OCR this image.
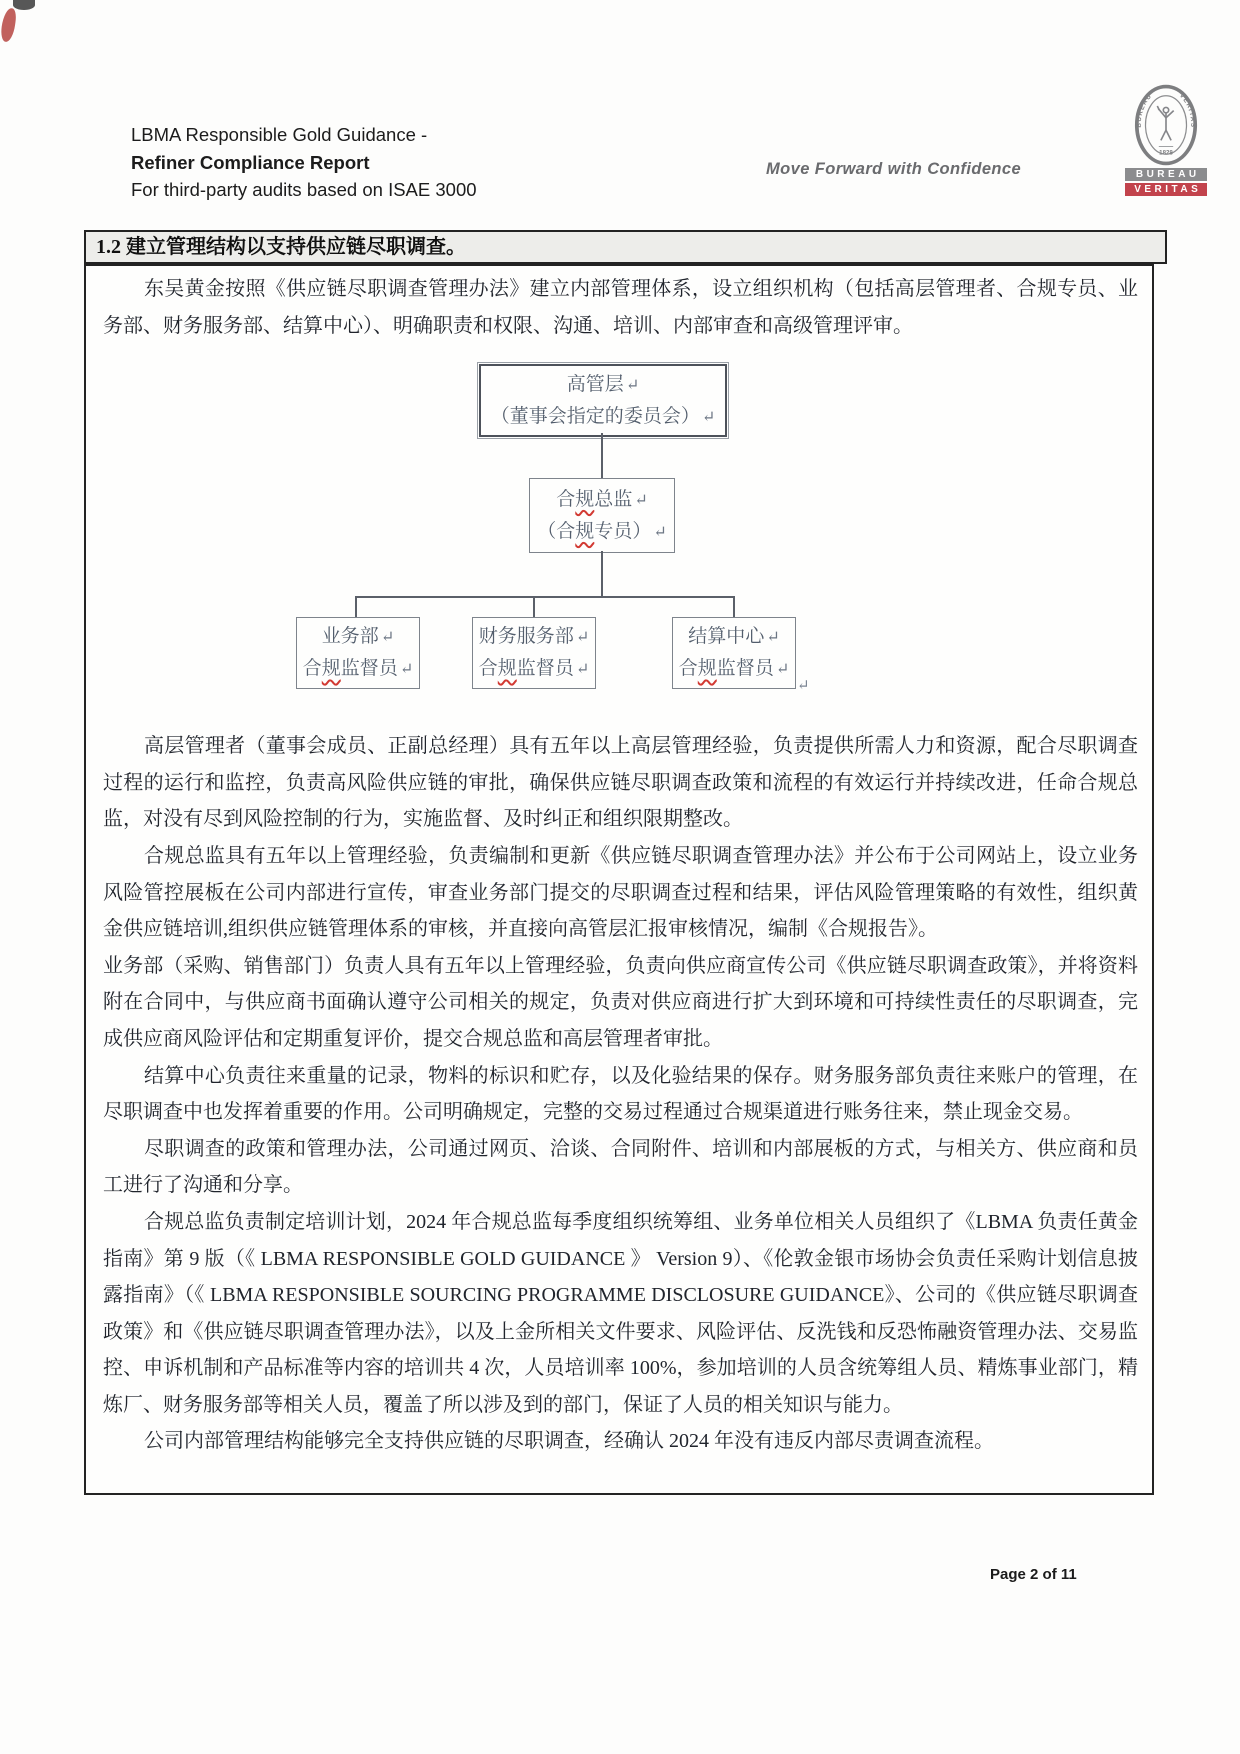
LBMA Responsible Gold Guidance -
Refiner Compliance Report
For third-party audits based on ISAE 3000
Move Forward with Confidence
BUREAU	VERITAS
1828
BUREAU
VERITAS
1.2 建立管理结构以支持供应链尽职调查。

东吴黄金按照《供应链尽职调查管理办法》建立内部管理体系，设立组织机构（包括高层管理者、合规专员、业务部、财务服务部、结算中心）、明确职责和权限、沟通、培训、内部审查和高级管理评审。

高管层 ↵
（董事会指定的委员会） ↵
合规总监 ↵
（合规专员） ↵
业务部 ↵
合规监督员 ↵
财务服务部 ↵
合规监督员 ↵
结算中心 ↵
合规监督员 ↵
↵

高层管理者（董事会成员、正副总经理）具有五年以上高层管理经验，负责提供所需人力和资源，配合尽职调查过程的运行和监控，负责高风险供应链的审批，确保供应链尽职调查政策和流程的有效运行并持续改进，任命合规总监，对没有尽到风险控制的行为，实施监督、及时纠正和组织限期整改。

合规总监具有五年以上管理经验，负责编制和更新《供应链尽职调查管理办法》并公布于公司网站上，设立业务风险管控展板在公司内部进行宣传，审查业务部门提交的尽职调查过程和结果，评估风险管理策略的有效性，组织黄金供应链培训,组织供应链管理体系的审核，并直接向高管层汇报审核情况，编制《合规报告》。

业务部（采购、销售部门）负责人具有五年以上管理经验，负责向供应商宣传公司《供应链尽职调查政策》，并将资料附在合同中，与供应商书面确认遵守公司相关的规定，负责对供应商进行扩大到环境和可持续性责任的尽职调查，完成供应商风险评估和定期重复评价，提交合规总监和高层管理者审批。

结算中心负责往来重量的记录，物料的标识和贮存，以及化验结果的保存。财务服务部负责往来账户的管理，在尽职调查中也发挥着重要的作用。公司明确规定，完整的交易过程通过合规渠道进行账务往来，禁止现金交易。

尽职调查的政策和管理办法，公司通过网页、洽谈、合同附件、培训和内部展板的方式，与相关方、供应商和员工进行了沟通和分享。

合规总监负责制定培训计划，2024 年合规总监每季度组织统筹组、业务单位相关人员组织了《LBMA 负责任黄金指南》第 9 版（《 LBMA RESPONSIBLE GOLD GUIDANCE 》 Version 9）、《伦敦金银市场协会负责任采购计划信息披露指南》（《 LBMA RESPONSIBLE SOURCING PROGRAMME DISCLOSURE GUIDANCE》、公司的《供应链尽职调查政策》和《供应链尽职调查管理办法》，以及上金所相关文件要求、风险评估、反洗钱和反恐怖融资管理办法、交易监控、申诉机制和产品标准等内容的培训共 4 次，人员培训率 100%，参加培训的人员含统筹组人员、精炼事业部门，精炼厂、财务服务部等相关人员，覆盖了所以涉及到的部门，保证了人员的相关知识与能力。

公司内部管理结构能够完全支持供应链的尽职调查，经确认 2024 年没有违反内部尽责调查流程。

Page 2 of 11
